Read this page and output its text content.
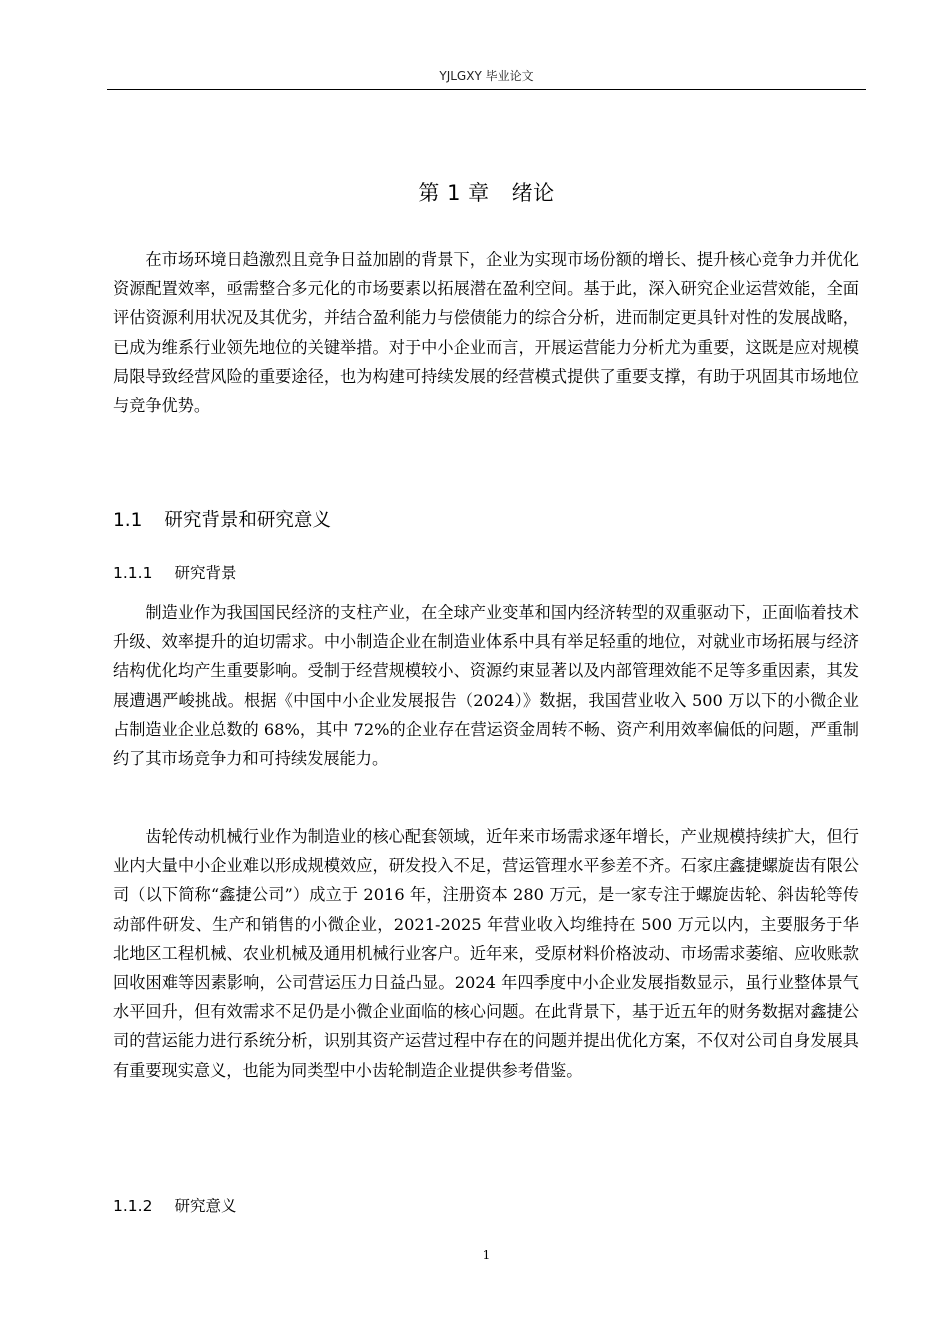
YJLGXY 毕业论文
第 1 章 绪论

在市场环境日趋激烈且竞争日益加剧的背景下，企业为实现市场份额的增长、提升核心竞争力并优化资源配置效率，亟需整合多元化的市场要素以拓展潜在盈利空间。基于此，深入研究企业运营效能，全面评估资源利用状况及其优劣，并结合盈利能力与偿债能力的综合分析，进而制定更具针对性的发展战略，已成为维系行业领先地位的关键举措。对于中小企业而言，开展运营能力分析尤为重要，这既是应对规模局限导致经营风险的重要途径，也为构建可持续发展的经营模式提供了重要支撑，有助于巩固其市场地位与竞争优势。

1.1 研究背景和研究意义
1.1.1 研究背景

制造业作为我国国民经济的支柱产业，在全球产业变革和国内经济转型的双重驱动下，正面临着技术升级、效率提升的迫切需求。中小制造企业在制造业体系中具有举足轻重的地位，对就业市场拓展与经济结构优化均产生重要影响。受制于经营规模较小、资源约束显著以及内部管理效能不足等多重因素，其发展遭遇严峻挑战。根据《中国中小企业发展报告（2024）》数据，我国营业收入 500 万以下的小微企业占制造业企业总数的 68%，其中 72%的企业存在营运资金周转不畅、资产利用效率偏低的问题，严重制约了其市场竞争力和可持续发展能力。

齿轮传动机械行业作为制造业的核心配套领域，近年来市场需求逐年增长，产业规模持续扩大，但行业内大量中小企业难以形成规模效应，研发投入不足，营运管理水平参差不齐。石家庄鑫捷螺旋齿有限公司（以下简称“鑫捷公司”）成立于 2016 年，注册资本 280 万元，是一家专注于螺旋齿轮、斜齿轮等传动部件研发、生产和销售的小微企业，2021-2025 年营业收入均维持在 500 万元以内，主要服务于华北地区工程机械、农业机械及通用机械行业客户。近年来，受原材料价格波动、市场需求萎缩、应收账款回收困难等因素影响，公司营运压力日益凸显。2024 年四季度中小企业发展指数显示，虽行业整体景气水平回升，但有效需求不足仍是小微企业面临的核心问题。在此背景下，基于近五年的财务数据对鑫捷公司的营运能力进行系统分析，识别其资产运营过程中存在的问题并提出优化方案，不仅对公司自身发展具有重要现实意义，也能为同类型中小齿轮制造企业提供参考借鉴。

1.1.2 研究意义
1
